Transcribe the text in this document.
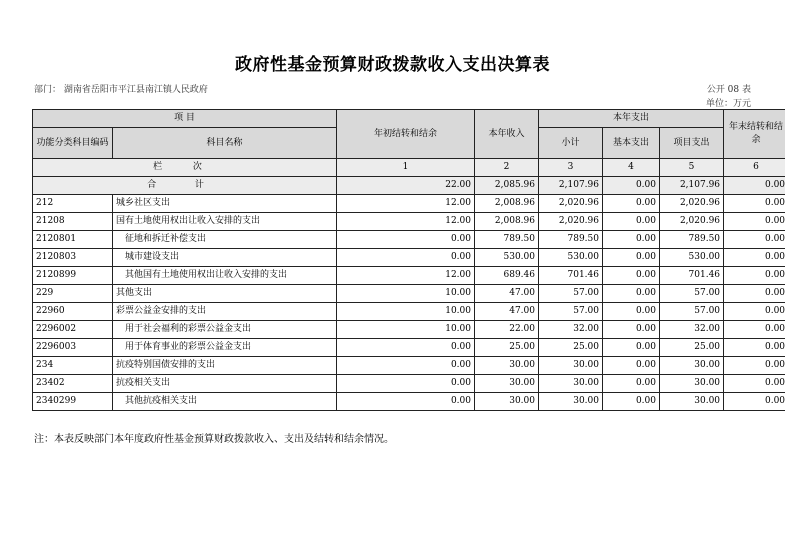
政府性基金预算财政拨款收入支出决算表
部门： 湖南省岳阳市平江县南江镇人民政府	公开 08 表
单位：万元
项 目		年初结转和结余	本年收入	本年支出			年末结转和结余
功能分类科目编码	科目名称			小计	基本支出	项目支出	
栏 次		1	2	3	4	5	6
合 计		22.00	2,085.96	2,107.96	0.00	2,107.96	0.00
212	城乡社区支出	12.00	2,008.96	2,020.96	0.00	2,020.96	0.00
21208	国有土地使用权出让收入安排的支出	12.00	2,008.96	2,020.96	0.00	2,020.96	0.00
2120801	征地和拆迁补偿支出	0.00	789.50	789.50	0.00	789.50	0.00
2120803	城市建设支出	0.00	530.00	530.00	0.00	530.00	0.00
2120899	其他国有土地使用权出让收入安排的支出	12.00	689.46	701.46	0.00	701.46	0.00
229	其他支出	10.00	47.00	57.00	0.00	57.00	0.00
22960	彩票公益金安排的支出	10.00	47.00	57.00	0.00	57.00	0.00
2296002	用于社会福利的彩票公益金支出	10.00	22.00	32.00	0.00	32.00	0.00
2296003	用于体育事业的彩票公益金支出	0.00	25.00	25.00	0.00	25.00	0.00
234	抗疫特别国债安排的支出	0.00	30.00	30.00	0.00	30.00	0.00
23402	抗疫相关支出	0.00	30.00	30.00	0.00	30.00	0.00
2340299	其他抗疫相关支出	0.00	30.00	30.00	0.00	30.00	0.00
注：本表反映部门本年度政府性基金预算财政拨款收入、支出及结转和结余情况。
